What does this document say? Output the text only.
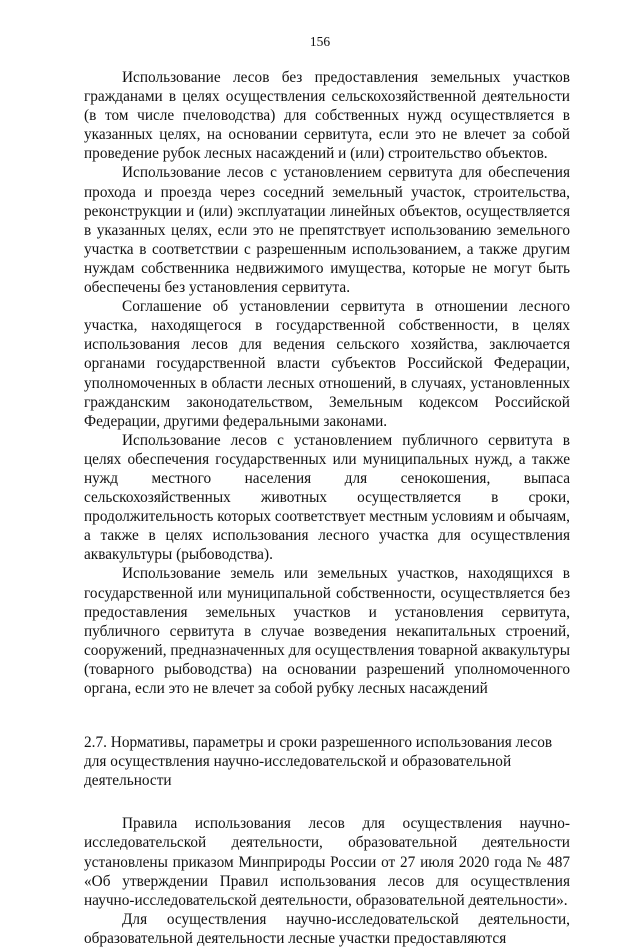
156

Использование лесов без предоставления земельных участков гражданами в целях осуществления сельскохозяйственной деятельности (в том числе пчеловодства) для собственных нужд осуществляется в указанных целях, на основании сервитута, если это не влечет за собой проведение рубок лесных насаждений и (или) строительство объектов.

Использование лесов с установлением сервитута для обеспечения прохода и проезда через соседний земельный участок, строительства, реконструкции и (или) эксплуатации линейных объектов, осуществляется в указанных целях, если это не препятствует использованию земельного участка в соответствии с разрешенным использованием, а также другим нуждам собственника недвижимого имущества, которые не могут быть обеспечены без установления сервитута.

Соглашение об установлении сервитута в отношении лесного участка, находящегося в государственной собственности, в целях использования лесов для ведения сельского хозяйства, заключается органами государственной власти субъектов Российской Федерации, уполномоченных в области лесных отношений, в случаях, установленных гражданским законодательством, Земельным кодексом Российской Федерации, другими федеральными законами.

Использование лесов с установлением публичного сервитута в целях обеспечения государственных или муниципальных нужд, а также нужд местного населения для сенокошения, выпаса сельскохозяйственных животных осуществляется в сроки, продолжительность которых соответствует местным условиям и обычаям, а также в целях использования лесного участка для осуществления аквакультуры (рыбоводства).

Использование земель или земельных участков, находящихся в государственной или муниципальной собственности, осуществляется без предоставления земельных участков и установления сервитута, публичного сервитута в случае возведения некапитальных строений, сооружений, предназначенных для осуществления товарной аквакультуры (товарного рыбоводства) на основании разрешений уполномоченного органа, если это не влечет за собой рубку лесных насаждений

2.7. Нормативы, параметры и сроки разрешенного использования лесов для осуществления научно-исследовательской и образовательной деятельности

Правила использования лесов для осуществления научно-исследовательской деятельности, образовательной деятельности установлены приказом Минприроды России от 27 июля 2020 года № 487 «Об утверждении Правил использования лесов для осуществления научно-исследовательской деятельности, образовательной деятельности».

Для осуществления научно-исследовательской деятельности, образовательной деятельности лесные участки предоставляются
